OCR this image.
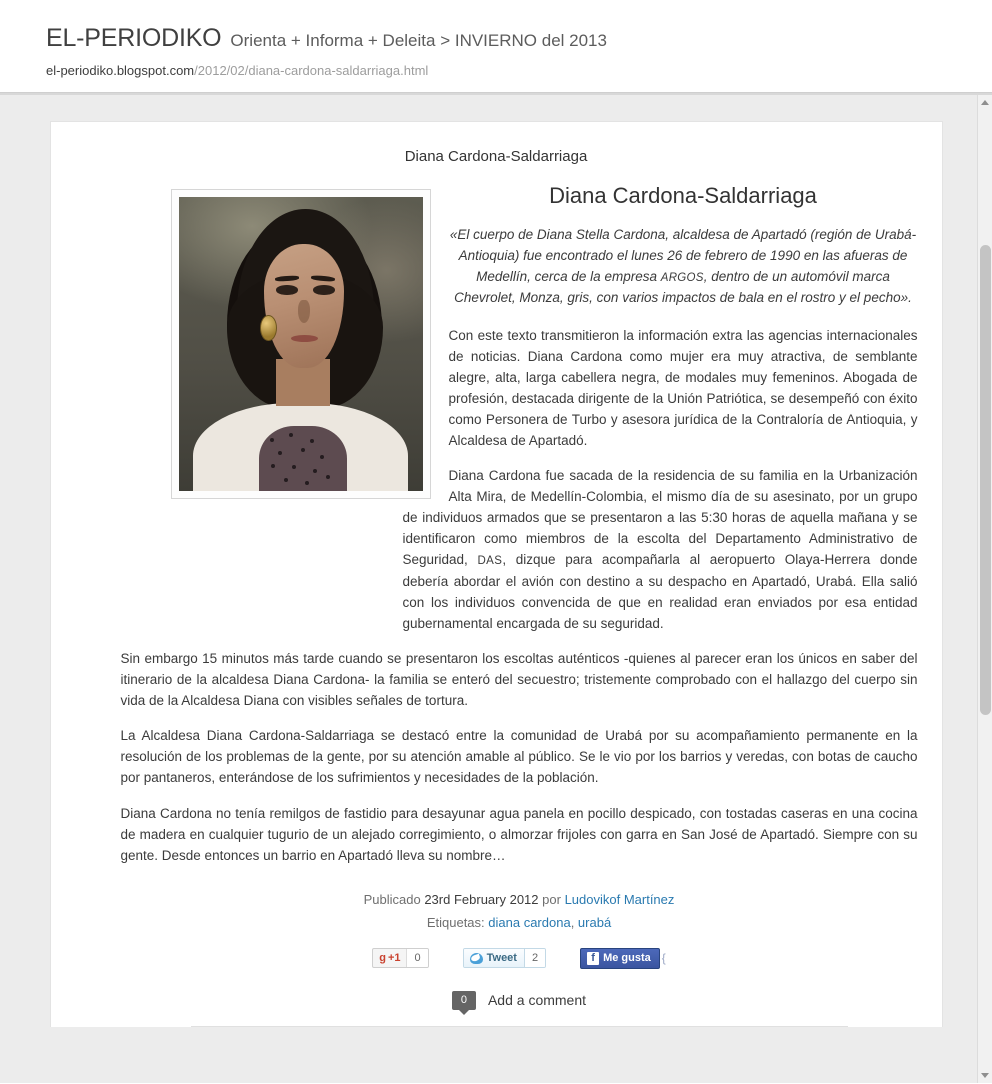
EL-PERIODIKO Orienta + Informa + Deleita > INVIERNO del 2013
el-periodiko.blogspot.com/2012/02/diana-cardona-saldarriaga.html
Diana Cardona-Saldarriaga
Diana Cardona-Saldarriaga
«El cuerpo de Diana Stella Cardona, alcaldesa de Apartadó (región de Urabá-Antioquia) fue encontrado el lunes 26 de febrero de 1990 en las afueras de Medellín, cerca de la empresa ARGOS, dentro de un automóvil marca Chevrolet, Monza, gris, con varios impactos de bala en el rostro y el pecho».

Con este texto transmitieron la información extra las agencias internacionales de noticias. Diana Cardona como mujer era muy atractiva, de semblante alegre, alta, larga cabellera negra, de modales muy femeninos. Abogada de profesión, destacada dirigente de la Unión Patriótica, se desempeñó con éxito como Personera de Turbo y asesora jurídica de la Contraloría de Antioquia, y Alcaldesa de Apartadó.

Diana Cardona fue sacada de la residencia de su familia en la Urbanización Alta Mira, de Medellín-Colombia, el mismo día de su asesinato, por un grupo de individuos armados que se presentaron a las 5:30 horas de aquella mañana y se identificaron como miembros de la escolta del Departamento Administrativo de Seguridad, DAS, dizque para acompañarla al aeropuerto Olaya-Herrera donde debería abordar el avión con destino a su despacho en Apartadó, Urabá. Ella salió con los individuos convencida de que en realidad eran enviados por esa entidad gubernamental encargada de su seguridad.

Sin embargo 15 minutos más tarde cuando se presentaron los escoltas auténticos -quienes al parecer eran los únicos en saber del itinerario de la alcaldesa Diana Cardona- la familia se enteró del secuestro; tristemente comprobado con el hallazgo del cuerpo sin vida de la Alcaldesa Diana con visibles señales de tortura.

La Alcaldesa Diana Cardona-Saldarriaga se destacó entre la comunidad de Urabá por su acompañamiento permanente en la resolución de los problemas de la gente, por su atención amable al público. Se le vio por los barrios y veredas, con botas de caucho por pantaneros, enterándose de los sufrimientos y necesidades de la población.

Diana Cardona no tenía remilgos de fastidio para desayunar agua panela en pocillo despicado, con tostadas caseras en una cocina de madera en cualquier tugurio de un alejado corregimiento, o almorzar frijoles con garra en San José de Apartadó. Siempre con su gente. Desde entonces un barrio en Apartadó lleva su nombre…

Publicado 23rd February 2012 por Ludovikof Martínez
Etiquetas: diana cardona, urabá
g +1	0	Tweet	2	f Me gusta {
0	Add a comment
